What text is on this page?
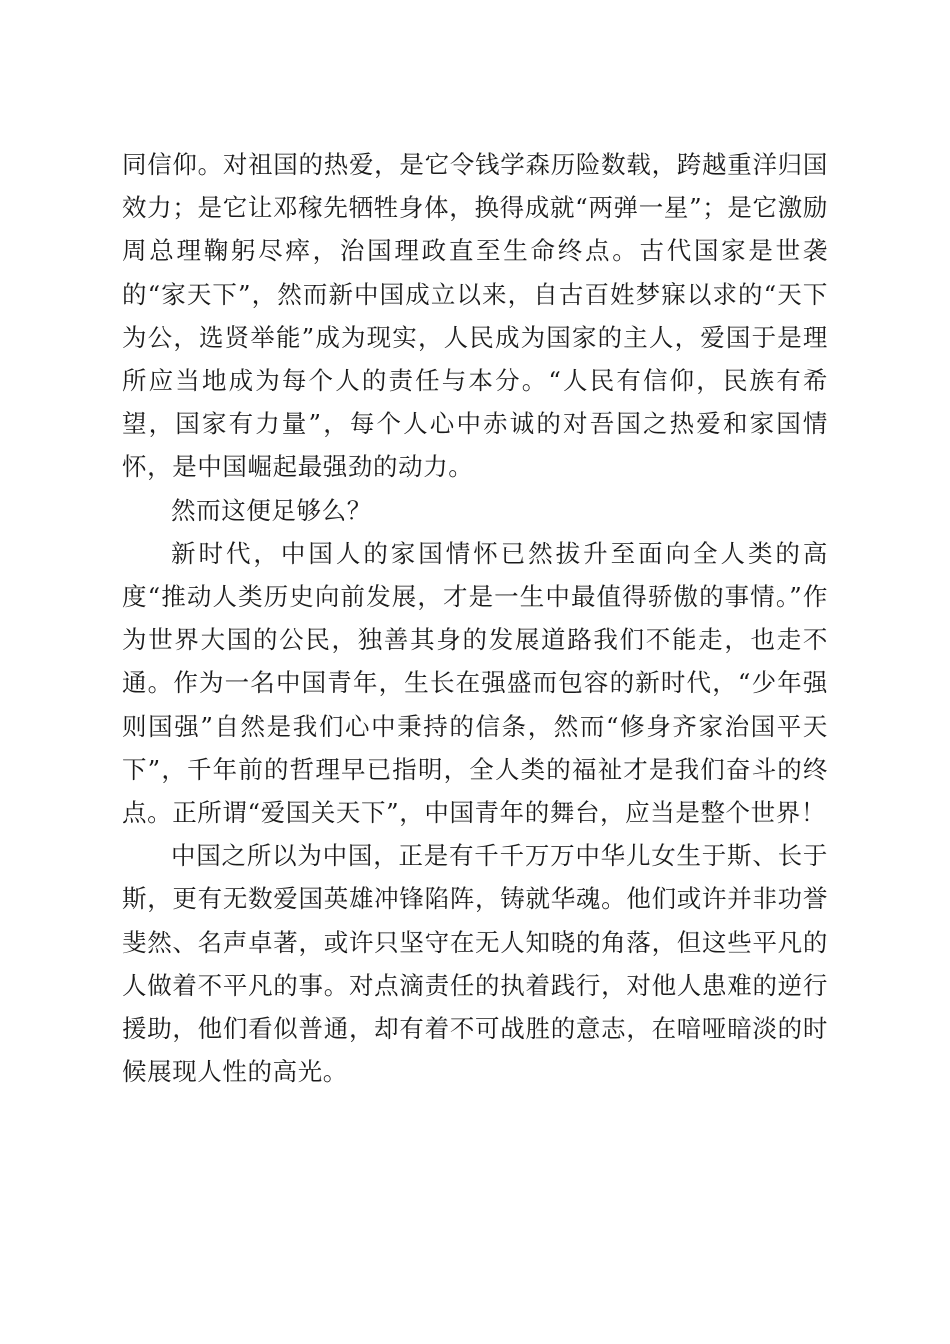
同信仰。对祖国的热爱，是它令钱学森历险数载，跨越重洋归国效力；是它让邓稼先牺牲身体，换得成就“两弹一星”；是它激励周总理鞠躬尽瘁，治国理政直至生命终点。古代国家是世袭的“家天下”，然而新中国成立以来，自古百姓梦寐以求的“天下为公，选贤举能”成为现实，人民成为国家的主人，爱国于是理所应当地成为每个人的责任与本分。“人民有信仰，民族有希望，国家有力量”，每个人心中赤诚的对吾国之热爱和家国情怀，是中国崛起最强劲的动力。

然而这便足够么？

新时代，中国人的家国情怀已然拔升至面向全人类的高度“推动人类历史向前发展，才是一生中最值得骄傲的事情。”作为世界大国的公民，独善其身的发展道路我们不能走，也走不通。作为一名中国青年，生长在强盛而包容的新时代，“少年强则国强”自然是我们心中秉持的信条，然而“修身齐家治国平天下”，千年前的哲理早已指明，全人类的福祉才是我们奋斗的终点。正所谓“爱国关天下”，中国青年的舞台，应当是整个世界！

中国之所以为中国，正是有千千万万中华儿女生于斯、长于斯，更有无数爱国英雄冲锋陷阵，铸就华魂。他们或许并非功誉斐然、名声卓著，或许只坚守在无人知晓的角落，但这些平凡的人做着不平凡的事。对点滴责任的执着践行，对他人患难的逆行援助，他们看似普通，却有着不可战胜的意志，在喑哑暗淡的时候展现人性的高光。
